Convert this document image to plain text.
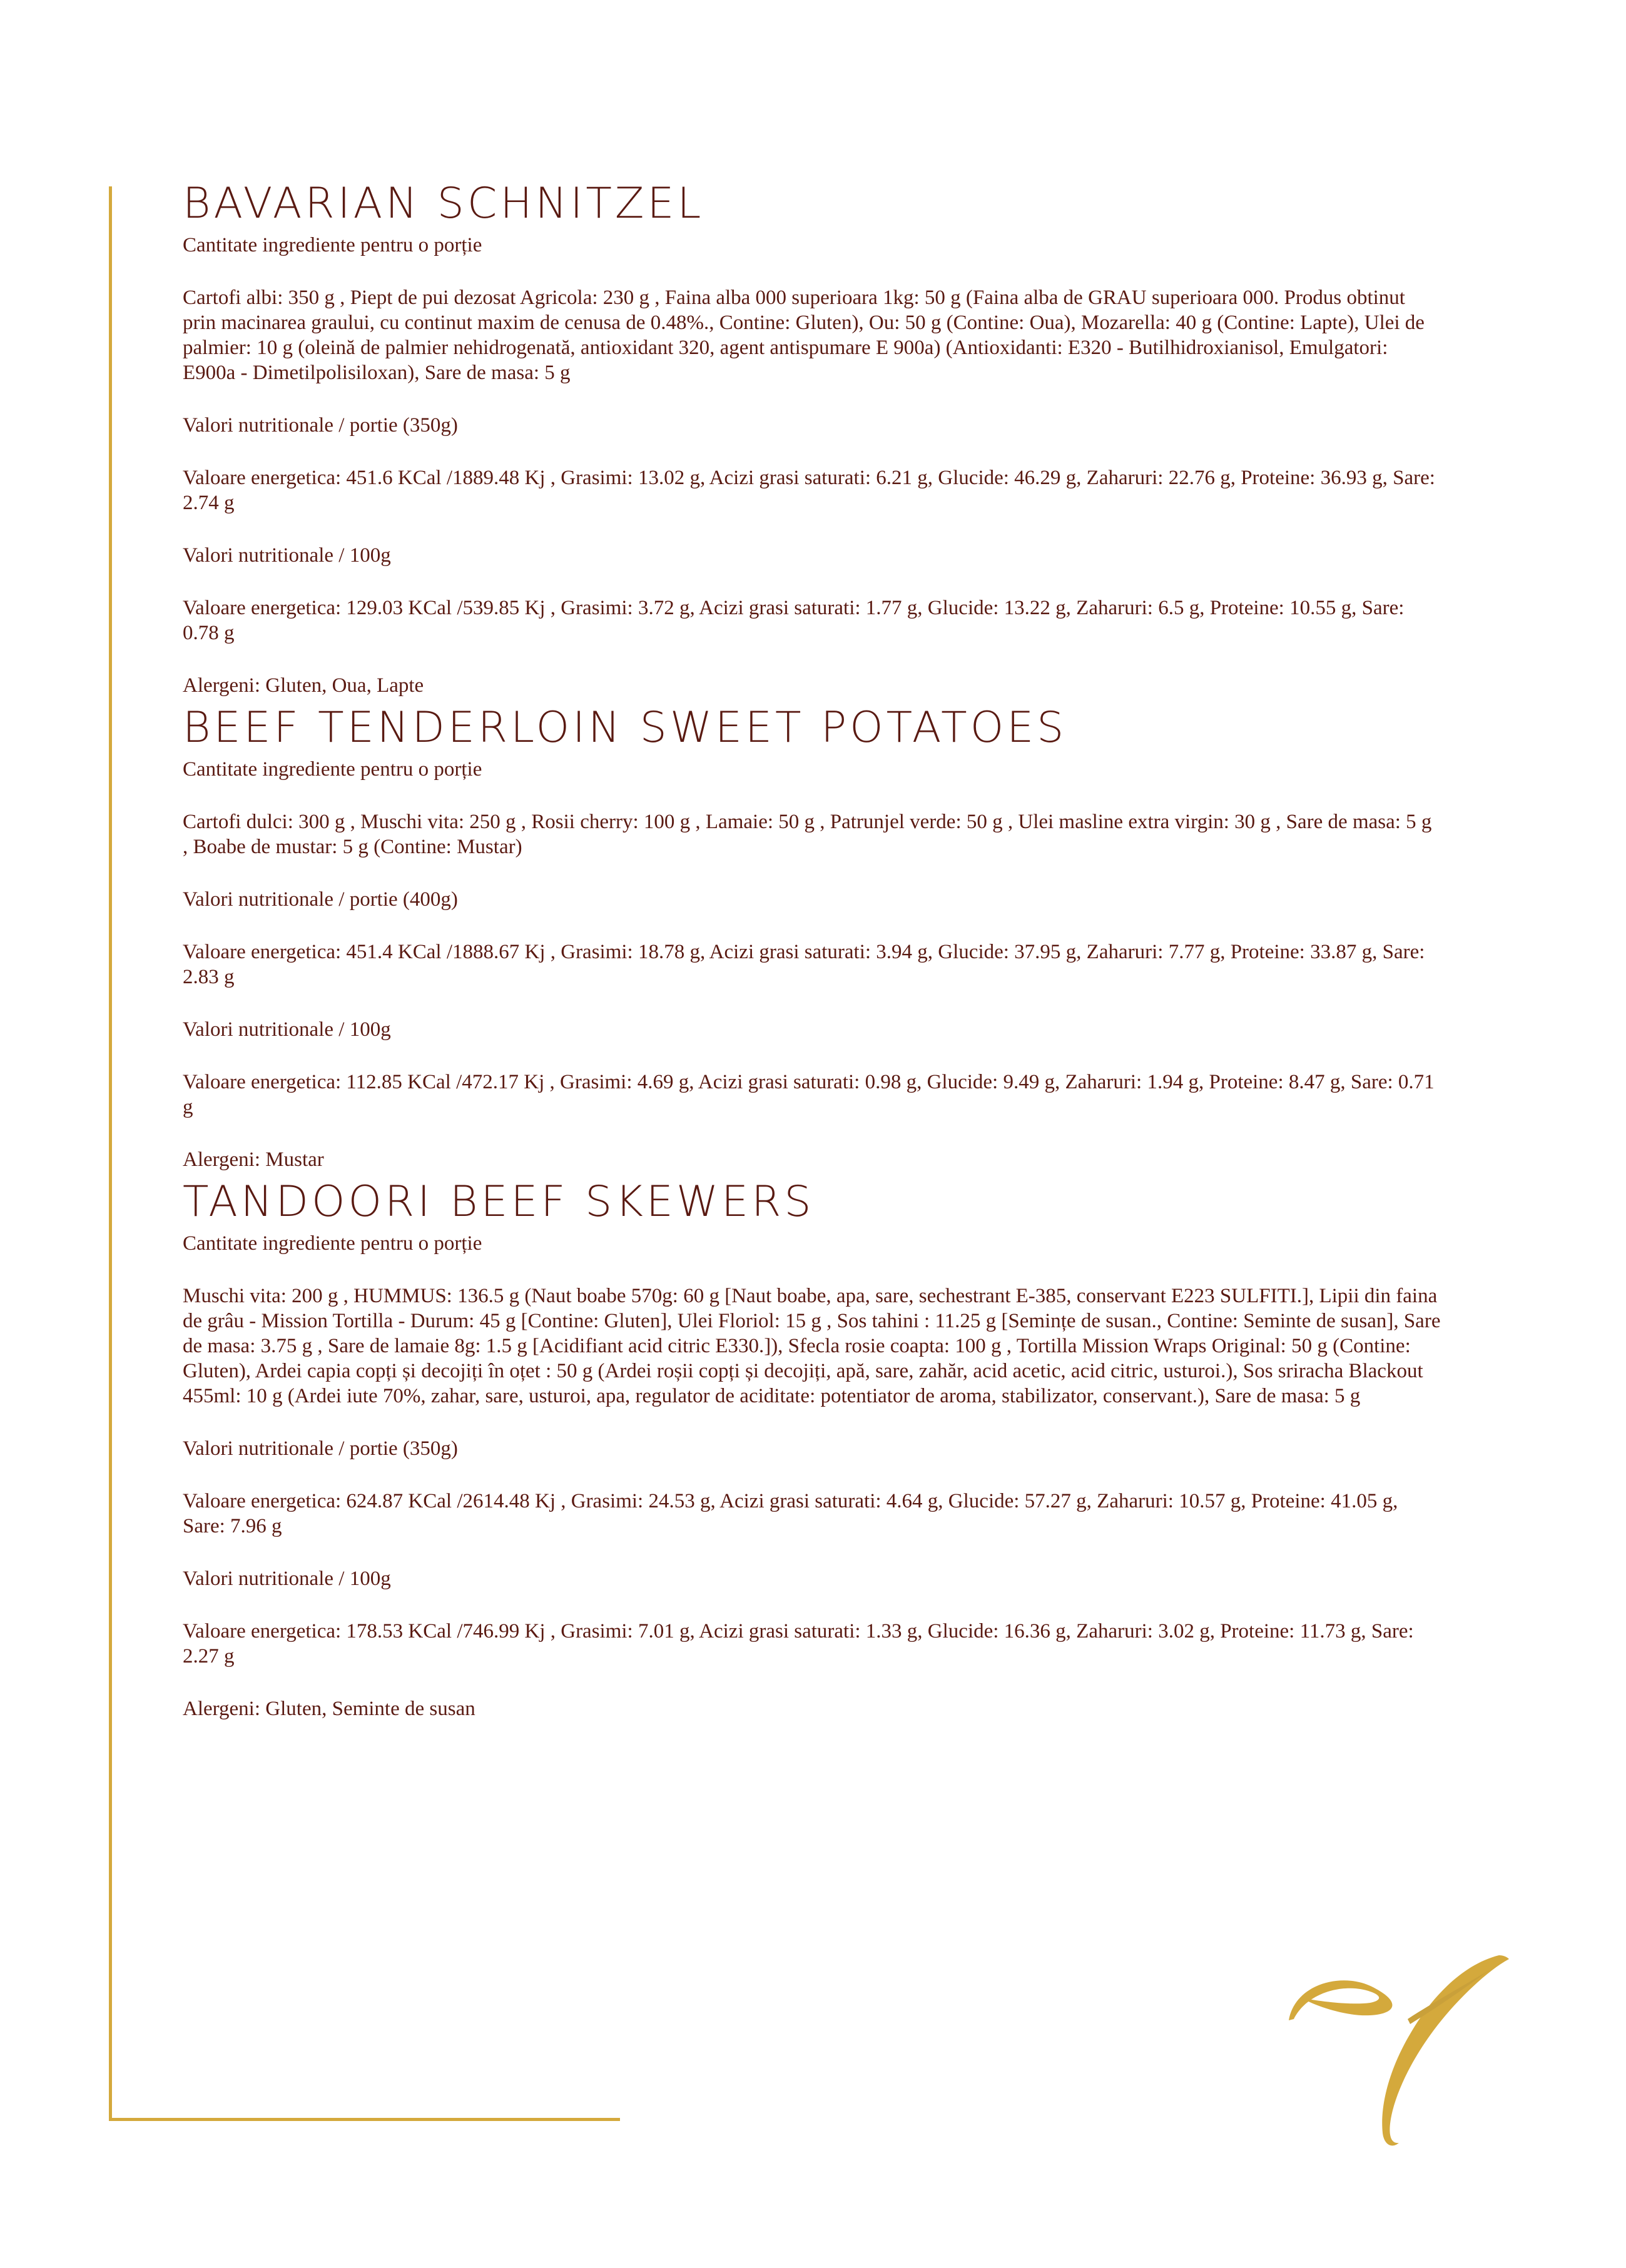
BAVARIAN SCHNITZEL

Cantitate ingrediente pentru o porție

Cartofi albi: 350 g , Piept de pui dezosat Agricola: 230 g , Faina alba 000 superioara 1kg: 50 g (Faina alba de GRAU superioara 000. Produs obtinut prin macinarea graului, cu continut maxim de cenusa de 0.48%., Contine: Gluten), Ou: 50 g (Contine: Oua), Mozarella: 40 g (Contine: Lapte), Ulei de palmier: 10 g (oleină de palmier nehidrogenată, antioxidant 320, agent antispumare E 900a) (Antioxidanti: E320 - Butilhidroxianisol, Emulgatori: E900a - Dimetilpolisiloxan), Sare de masa: 5 g

Valori nutritionale / portie (350g)

Valoare energetica: 451.6 KCal /1889.48 Kj , Grasimi: 13.02 g, Acizi grasi saturati: 6.21 g, Glucide: 46.29 g, Zaharuri: 22.76 g, Proteine: 36.93 g, Sare: 2.74 g

Valori nutritionale / 100g

Valoare energetica: 129.03 KCal /539.85 Kj , Grasimi: 3.72 g, Acizi grasi saturati: 1.77 g, Glucide: 13.22 g, Zaharuri: 6.5 g, Proteine: 10.55 g, Sare: 0.78 g

Alergeni: Gluten, Oua, Lapte

BEEF TENDERLOIN SWEET POTATOES

Cantitate ingrediente pentru o porție

Cartofi dulci: 300 g , Muschi vita: 250 g , Rosii cherry: 100 g , Lamaie: 50 g , Patrunjel verde: 50 g , Ulei masline extra virgin: 30 g , Sare de masa: 5 g , Boabe de mustar: 5 g (Contine: Mustar)

Valori nutritionale / portie (400g)

Valoare energetica: 451.4 KCal /1888.67 Kj , Grasimi: 18.78 g, Acizi grasi saturati: 3.94 g, Glucide: 37.95 g, Zaharuri: 7.77 g, Proteine: 33.87 g, Sare: 2.83 g

Valori nutritionale / 100g

Valoare energetica: 112.85 KCal /472.17 Kj , Grasimi: 4.69 g, Acizi grasi saturati: 0.98 g, Glucide: 9.49 g, Zaharuri: 1.94 g, Proteine: 8.47 g, Sare: 0.71 g

Alergeni: Mustar

TANDOORI BEEF SKEWERS

Cantitate ingrediente pentru o porție

Muschi vita: 200 g , HUMMUS: 136.5 g (Naut boabe 570g: 60 g [Naut boabe, apa, sare, sechestrant E-385, conservant E223 SULFITI.], Lipii din faina de grâu - Mission Tortilla - Durum: 45 g [Contine: Gluten], Ulei Floriol: 15 g , Sos tahini : 11.25 g [Semințe de susan., Contine: Seminte de susan], Sare de masa: 3.75 g , Sare de lamaie 8g: 1.5 g [Acidifiant acid citric E330.]), Sfecla rosie coapta: 100 g , Tortilla Mission Wraps Original: 50 g (Contine: Gluten), Ardei capia copți și decojiți în oțet : 50 g (Ardei roșii copți și decojiți, apă, sare, zahăr, acid acetic, acid citric, usturoi.), Sos sriracha Blackout 455ml: 10 g (Ardei iute 70%, zahar, sare, usturoi, apa, regulator de aciditate: potentiator de aroma, stabilizator, conservant.), Sare de masa: 5 g

Valori nutritionale / portie (350g)

Valoare energetica: 624.87 KCal /2614.48 Kj , Grasimi: 24.53 g, Acizi grasi saturati: 4.64 g, Glucide: 57.27 g, Zaharuri: 10.57 g, Proteine: 41.05 g, Sare: 7.96 g

Valori nutritionale / 100g

Valoare energetica: 178.53 KCal /746.99 Kj , Grasimi: 7.01 g, Acizi grasi saturati: 1.33 g, Glucide: 16.36 g, Zaharuri: 3.02 g, Proteine: 11.73 g, Sare: 2.27 g

Alergeni: Gluten, Seminte de susan
